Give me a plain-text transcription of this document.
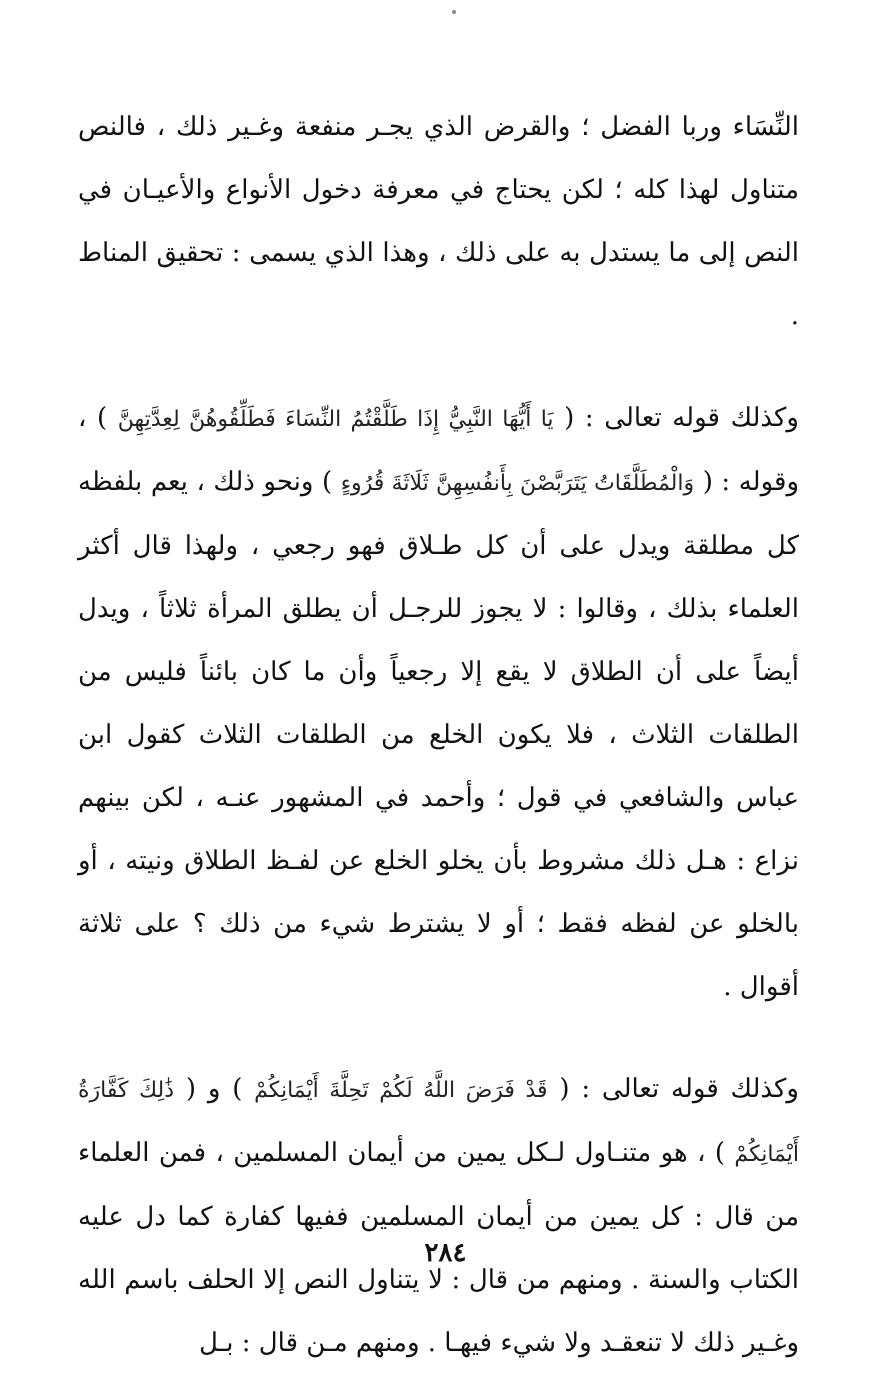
النِّسَاء وربا الفضل ؛ والقرض الذي يجـر منفعة وغـير ذلك ، فالنص متناول لهذا كله ؛ لكن يحتاج في معرفة دخول الأنواع والأعيـان في النص إلى ما يستدل به على ذلك ، وهذا الذي يسمى : تحقيق المناط .

وكذلك قوله تعالى : ( يَا أَيُّهَا النَّبِيُّ إِذَا طَلَّقْتُمُ النِّسَاءَ فَطَلِّقُوهُنَّ لِعِدَّتِهِنَّ ) ، وقوله : ( وَالْمُطَلَّقَاتُ يَتَرَبَّصْنَ بِأَنفُسِهِنَّ ثَلَاثَةَ قُرُوءٍ ) ونحو ذلك ، يعم بلفظه كل مطلقة ويدل على أن كل طـلاق فهو رجعي ، ولهذا قال أكثر العلماء بذلك ، وقالوا : لا يجوز للرجـل أن يطلق المرأة ثلاثاً ، ويدل أيضاً على أن الطلاق لا يقع إلا رجعياً وأن ما كان بائناً فليس من الطلقات الثلاث ، فلا يكون الخلع من الطلقات الثلاث كقول ابن عباس والشافعي في قول ؛ وأحمد في المشهور عنـه ، لكن بينهم نزاع : هـل ذلك مشروط بأن يخلو الخلع عن لفـظ الطلاق ونيته ، أو بالخلو عن لفظه فقط ؛ أو لا يشترط شيء من ذلك ؟ على ثلاثة أقوال .

وكذلك قوله تعالى : ( قَدْ فَرَضَ اللَّهُ لَكُمْ تَحِلَّةَ أَيْمَانِكُمْ ) و ( ذَٰلِكَ كَفَّارَةُ أَيْمَانِكُمْ ) ، هو متنـاول لـكل يمين من أيمان المسلمين ، فمن العلماء من قال : كل يمين من أيمان المسلمين ففيها كفارة كما دل عليه الكتاب والسنة . ومنهم من قال : لا يتناول النص إلا الحلف باسم الله وغـير ذلك لا تنعقـد ولا شيء فيهـا . ومنهم مـن قال : بـل

٢٨٤
